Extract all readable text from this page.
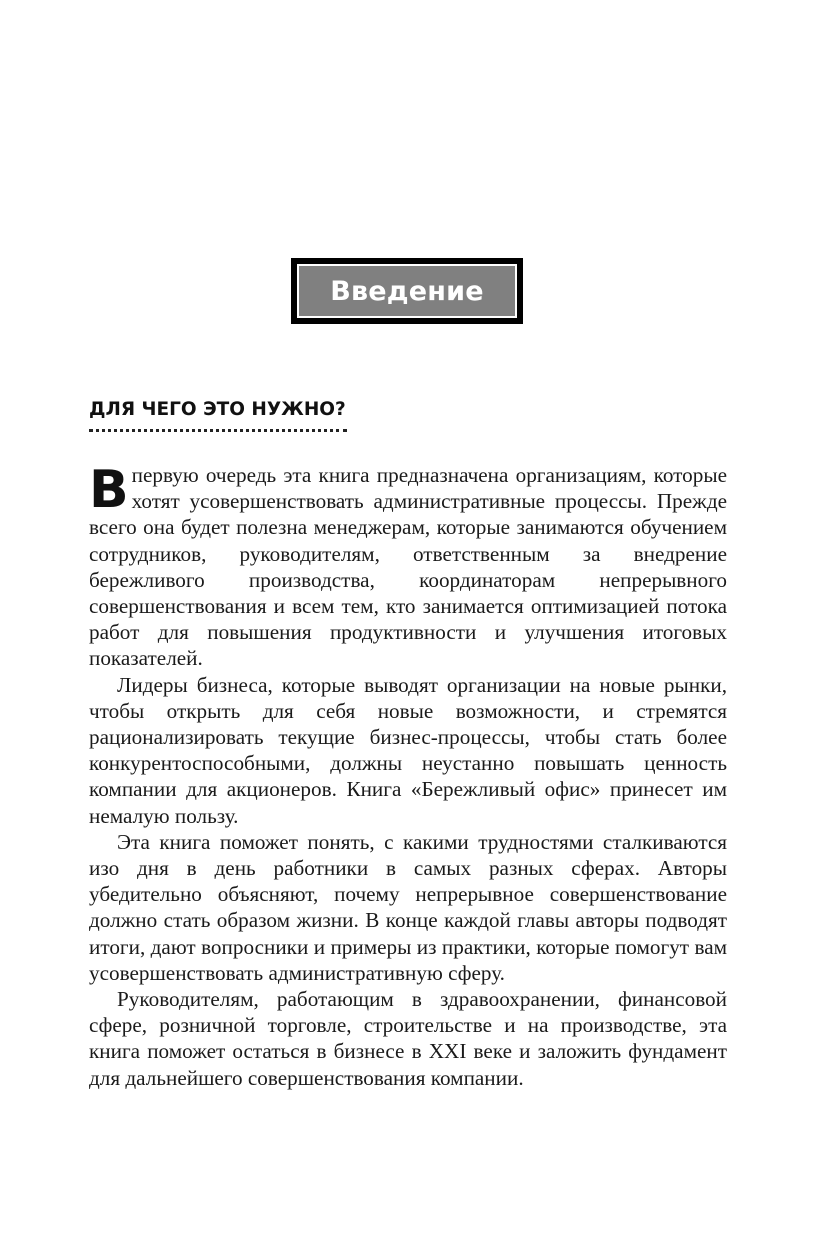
Введение
ДЛЯ ЧЕГО ЭТО НУЖНО?

Впервую очередь эта книга предназначена организациям, которые хотят усовершенствовать административные процессы. Прежде всего она будет полезна менеджерам, которые занимаются обучением сотрудников, руководителям, ответственным за внедрение бережливого производства, координаторам непрерывного совершенствования и всем тем, кто занимается оптимизацией потока работ для повышения продуктивности и улучшения итоговых показателей.

Лидеры бизнеса, которые выводят организации на новые рынки, чтобы открыть для себя новые возможности, и стремятся рационализировать текущие бизнес-процессы, чтобы стать более конкурентоспособными, должны неустанно повышать ценность компании для акционеров. Книга «Бережливый офис» принесет им немалую пользу.

Эта книга поможет понять, с какими трудностями сталкиваются изо дня в день работники в самых разных сферах. Авторы убедительно объясняют, почему непрерывное совершенствование должно стать образом жизни. В конце каждой главы авторы подводят итоги, дают вопросники и примеры из практики, которые помогут вам усовершенствовать административную сферу.

Руководителям, работающим в здравоохранении, финансовой сфере, розничной торговле, строительстве и на производстве, эта книга поможет остаться в бизнесе в XXI веке и заложить фундамент для дальнейшего совершенствования компании.
